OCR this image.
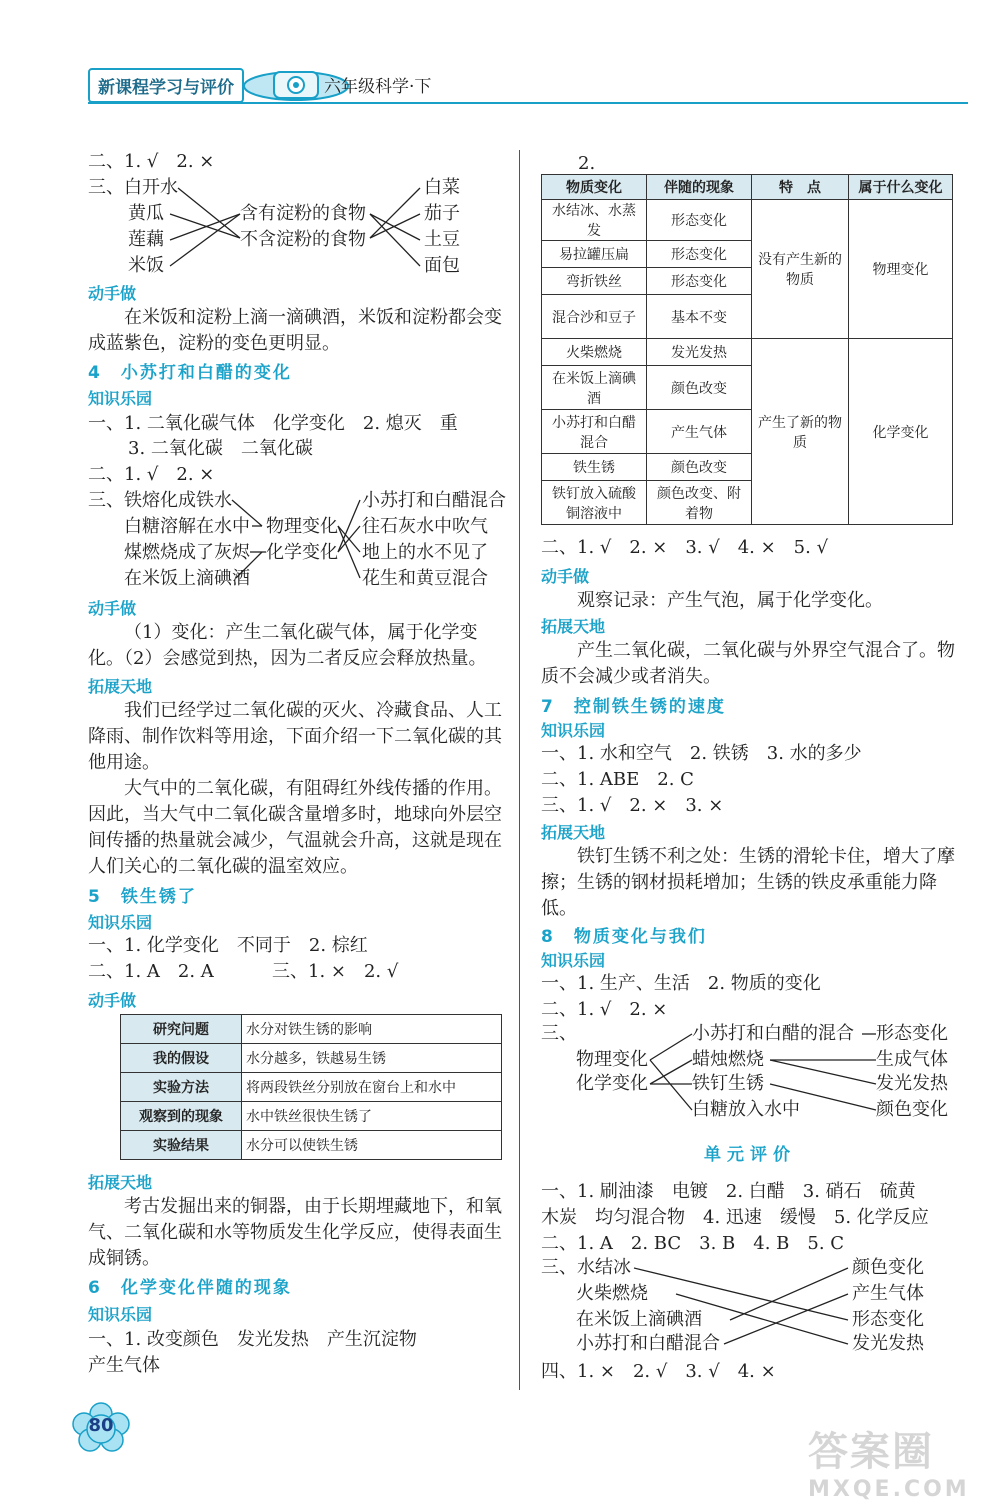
新课程学习与评价	六年级科学·下
二、1. √　2. ×
三、白开水
黄瓜
莲藕
米饭
含有淀粉的食物
不含淀粉的食物
白菜
茄子
土豆
面包
动手做
在米饭和淀粉上滴一滴碘酒，米饭和淀粉都会变成蓝紫色，淀粉的变色更明显。
4　小苏打和白醋的变化
知识乐园
一、1. 二氧化碳气体　化学变化　2. 熄灭　重
3. 二氧化碳　二氧化碳
二、1. √　2. ×
三、铁熔化成铁水
白糖溶解在水中
煤燃烧成了灰烬
在米饭上滴碘酒
物理变化
化学变化
小苏打和白醋混合
往石灰水中吹气
地上的水不见了
花生和黄豆混合
动手做
（1）变化：产生二氧化碳气体，属于化学变化。（2）会感觉到热，因为二者反应会释放热量。
拓展天地
我们已经学过二氧化碳的灭火、冷藏食品、人工降雨、制作饮料等用途，下面介绍一下二氧化碳的其他用途。
大气中的二氧化碳，有阻碍红外线传播的作用。因此，当大气中二氧化碳含量增多时，地球向外层空间传播的热量就会减少，气温就会升高，这就是现在人们关心的二氧化碳的温室效应。
5　铁生锈了
知识乐园
一、1. 化学变化　不同于　2. 棕红
二、1. A　2. A	三、1. ×　2. √
动手做
研究问题	水分对铁生锈的影响
我的假设	水分越多，铁越易生锈
实验方法	将两段铁丝分别放在窗台上和水中
观察到的现象	水中铁丝很快生锈了
实验结果	水分可以使铁生锈
拓展天地
考古发掘出来的铜器，由于长期埋藏地下，和氧气、二氧化碳和水等物质发生化学反应，使得表面生成铜锈。
6　化学变化伴随的现象
知识乐园
一、1. 改变颜色　发光发热　产生沉淀物
产生气体
2.
物质变化	伴随的现象	特　点	属于什么变化
水结冰、水蒸发	形态变化	没有产生新的物质	物理变化
易拉罐压扁	形态变化		
弯折铁丝	形态变化		
混合沙和豆子	基本不变		
火柴燃烧	发光发热	产生了新的物质	化学变化
在米饭上滴碘酒	颜色改变		
小苏打和白醋混合	产生气体		
铁生锈	颜色改变		
铁钉放入硫酸铜溶液中	颜色改变、附着物		
二、1. √　2. ×　3. √　4. ×　5. √
动手做
观察记录：产生气泡，属于化学变化。
拓展天地
产生二氧化碳，二氧化碳与外界空气混合了。物质不会减少或者消失。
7　控制铁生锈的速度
知识乐园
一、1. 水和空气　2. 铁锈　3. 水的多少
二、1. ABE　2. C
三、1. √　2. ×　3. ×
拓展天地
铁钉生锈不利之处：生锈的滑轮卡住，增大了摩擦；生锈的钢材损耗增加；生锈的铁皮承重能力降低。
8　物质变化与我们
知识乐园
一、1. 生产、生活　2. 物质的变化
二、1. √　2. ×
三、
物理变化
化学变化
小苏打和白醋的混合
蜡烛燃烧
铁钉生锈
白糖放入水中
形态变化
生成气体
发光发热
颜色变化
单元评价
一、1. 刷油漆　电镀　2. 白醋　3. 硝石　硫黄
木炭　均匀混合物　4. 迅速　缓慢　5. 化学反应
二、1. A　2. BC　3. B　4. B　5. C
三、水结冰
火柴燃烧
在米饭上滴碘酒
小苏打和白醋混合
颜色变化
产生气体
形态变化
发光发热
四、1. ×　2. √　3. √　4. ×
80
答案圈
MXQE.COM
